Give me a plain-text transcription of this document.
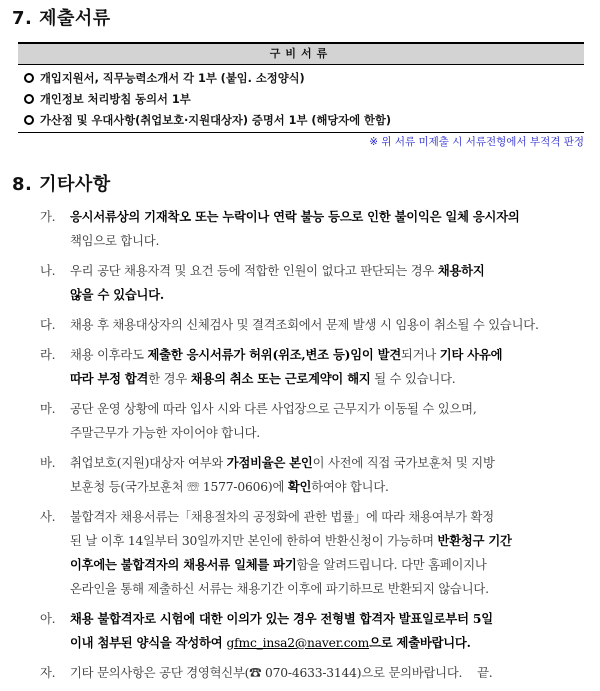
7. 제출서류
구비서류
개입지원서, 직무능력소개서 각 1부 (붙임. 소정양식)
개인정보 처리방침 동의서 1부
가산점 및 우대사항(취업보호·지원대상자) 증명서 1부 (해당자에 한함)
※ 위 서류 미제출 시 서류전형에서 부적격 판정
8. 기타사항
가. 응시서류상의 기재착오 또는 누락이나 연락 불능 등으로 인한 불이익은 일체 응시자의
책임으로 합니다.
나. 우리 공단 채용자격 및 요건 등에 적합한 인원이 없다고 판단되는 경우 채용하지
않을 수 있습니다.
다. 채용 후 채용대상자의 신체검사 및 결격조회에서 문제 발생 시 임용이 취소될 수 있습니다.
라. 채용 이후라도 제출한 응시서류가 허위(위조,변조 등)임이 발견되거나 기타 사유에
따라 부정 합격한 경우 채용의 취소 또는 근로계약이 해지 될 수 있습니다.
마. 공단 운영 상황에 따라 입사 시와 다른 사업장으로 근무지가 이동될 수 있으며,
주말근무가 가능한 자이어야 합니다.
바. 취업보호(지원)대상자 여부와 가점비율은 본인이 사전에 직접 국가보훈처 및 지방
보훈청 등(국가보훈처 ☏ 1577-0606)에 확인하여야 합니다.
사. 불합격자 채용서류는「채용절차의 공정화에 관한 법률」에 따라 채용여부가 확정
된 날 이후 14일부터 30일까지만 본인에 한하여 반환신청이 가능하며 반환청구 기간
이후에는 불합격자의 채용서류 일체를 파기함을 알려드립니다. 다만 홈페이지나
온라인을 통해 제출하신 서류는 채용기간 이후에 파기하므로 반환되지 않습니다.
아. 채용 불합격자로 시험에 대한 이의가 있는 경우 전형별 합격자 발표일로부터 5일
이내 첨부된 양식을 작성하여 gfmc_insa2@naver.com으로 제출바랍니다.
자. 기타 문의사항은 공단 경영혁신부(☎ 070-4633-3144)으로 문의바랍니다. 끝.
